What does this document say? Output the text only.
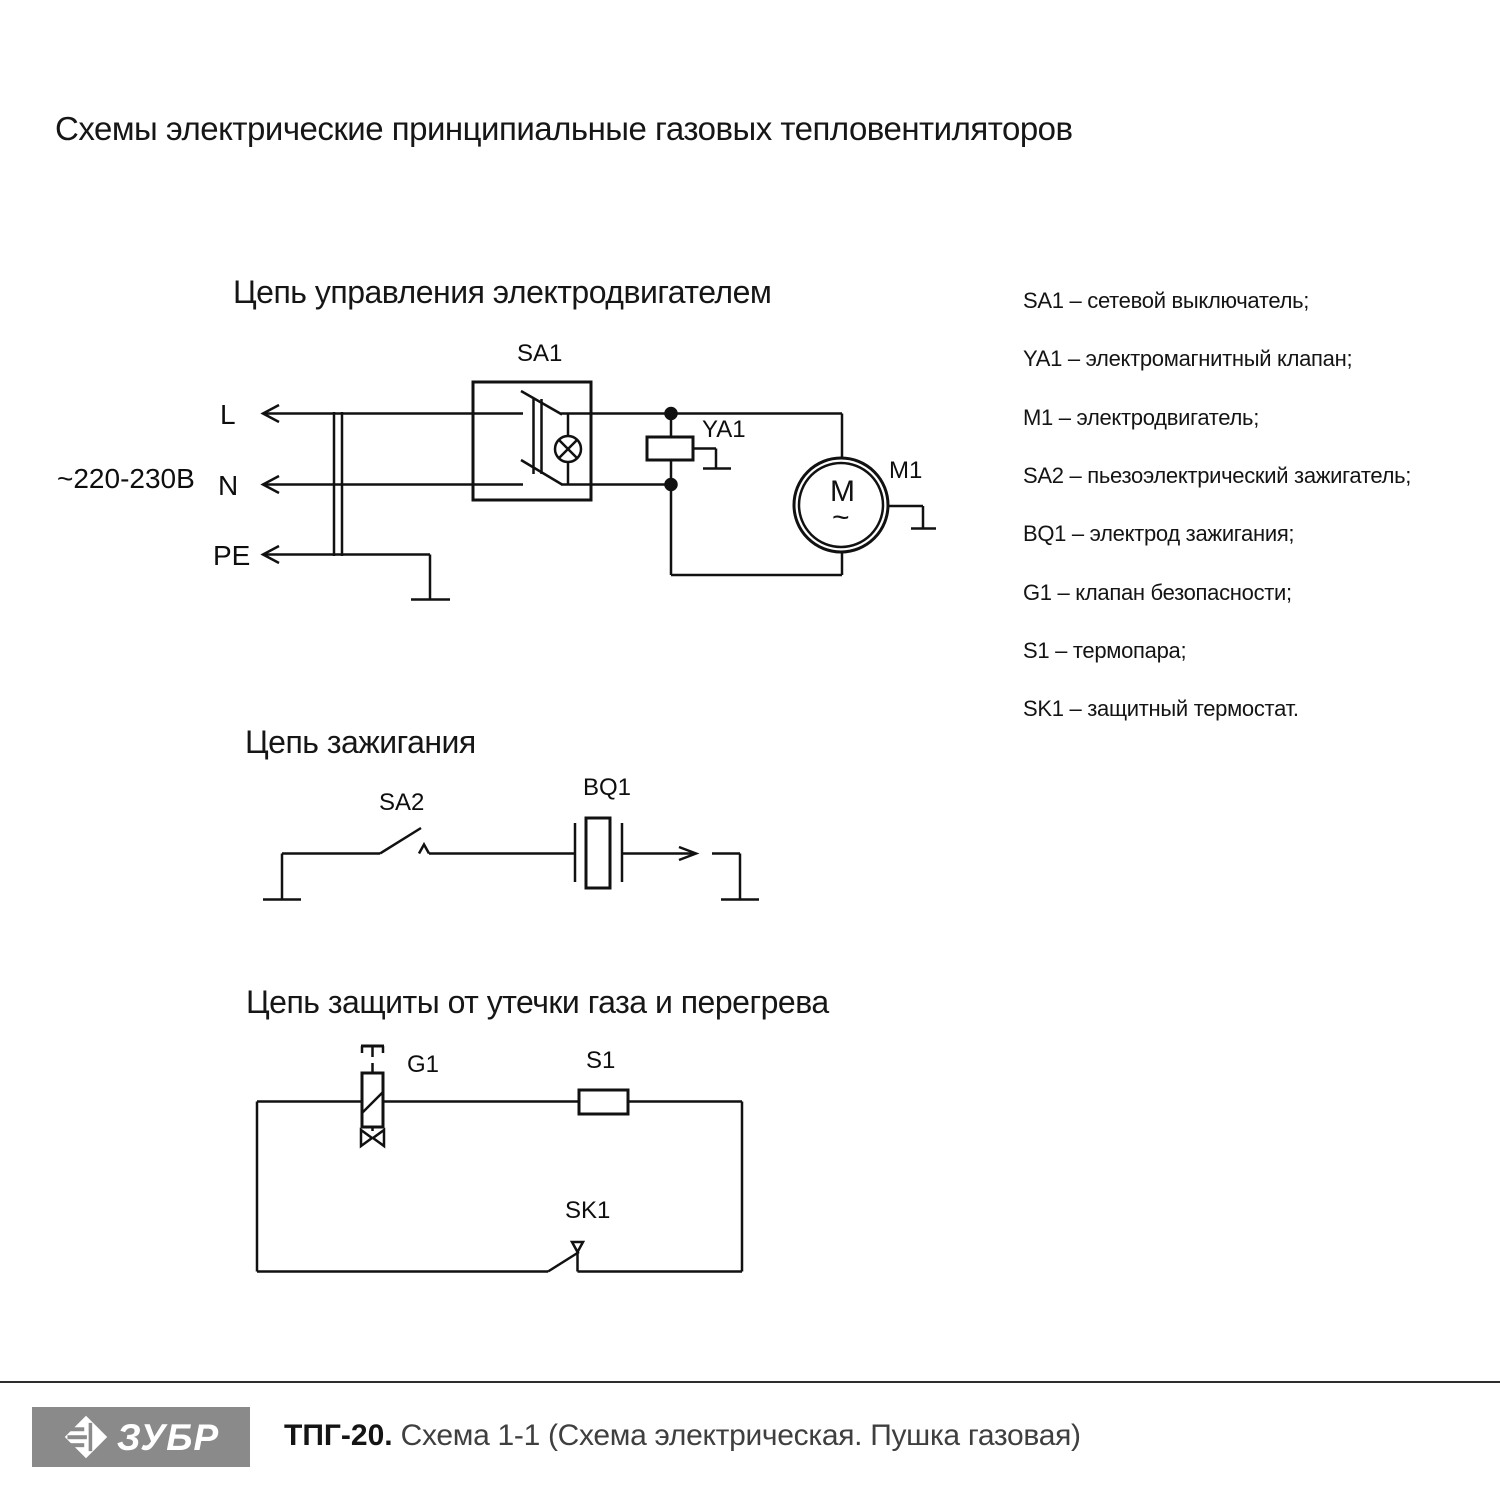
Схемы электрические принципиальные газовых тепловентиляторов
Цепь управления электродвигателем
~220-230В
L
N
PE
SA1
YA1
M1
M
~
Цепь зажигания
SA2
BQ1
Цепь защиты от утечки газа и перегрева
G1	S1
SK1
SA1 – сетевой выключатель;
YA1 – электромагнитный клапан;
M1 – электродвигатель;
SA2 – пьезоэлектрический зажигатель;
BQ1 – электрод зажигания;
G1 – клапан безопасности;
S1 – термопара;
SK1 – защитный термостат.
ЗУБР ТПГ-20. Схема 1-1 (Схема электрическая. Пушка газовая)
